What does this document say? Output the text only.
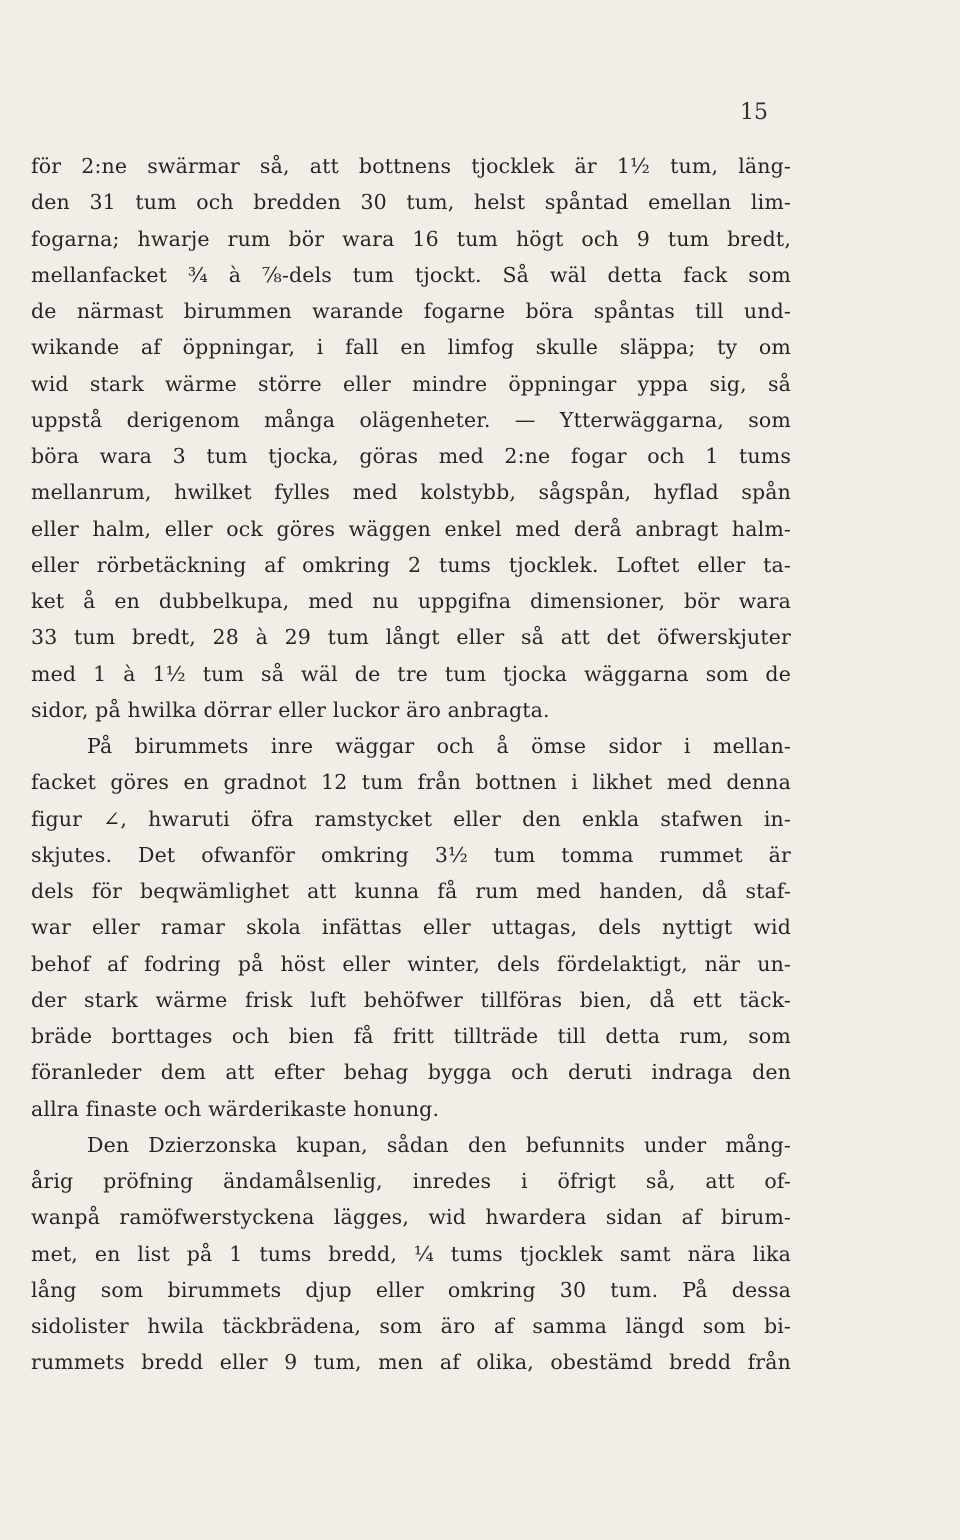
15
för 2:ne swärmar så, att bottnens tjocklek är 1½ tum, läng-
den 31 tum och bredden 30 tum, helst spåntad emellan lim-
fogarna; hwarje rum bör wara 16 tum högt och 9 tum bredt,
mellanfacket ¾ à ⅞-dels tum tjockt. Så wäl detta fack som
de närmast birummen warande fogarne böra spåntas till und-
wikande af öppningar, i fall en limfog skulle släppa; ty om
wid stark wärme större eller mindre öppningar yppa sig, så
uppstå derigenom många olägenheter. — Ytterwäggarna, som
böra wara 3 tum tjocka, göras med 2:ne fogar och 1 tums
mellanrum, hwilket fylles med kolstybb, sågspån, hyflad spån
eller halm, eller ock göres wäggen enkel med derå anbragt halm-
eller rörbetäckning af omkring 2 tums tjocklek. Loftet eller ta-
ket å en dubbelkupa, med nu uppgifna dimensioner, bör wara
33 tum bredt, 28 à 29 tum långt eller så att det öfwerskjuter
med 1 à 1½ tum så wäl de tre tum tjocka wäggarna som de
sidor, på hwilka dörrar eller luckor äro anbragta.
På birummets inre wäggar och å ömse sidor i mellan-
facket göres en gradnot 12 tum från bottnen i likhet med denna
figur ∠, hwaruti öfra ramstycket eller den enkla stafwen in-
skjutes. Det ofwanför omkring 3½ tum tomma rummet är
dels för beqwämlighet att kunna få rum med handen, då staf-
war eller ramar skola infättas eller uttagas, dels nyttigt wid
behof af fodring på höst eller winter, dels fördelaktigt, när un-
der stark wärme frisk luft behöfwer tillföras bien, då ett täck-
bräde borttages och bien få fritt tillträde till detta rum, som
föranleder dem att efter behag bygga och deruti indraga den
allra finaste och wärderikaste honung.
Den Dzierzonska kupan, sådan den befunnits under mång-
årig pröfning ändamålsenlig, inredes i öfrigt så, att of-
wanpå ramöfwerstyckena lägges, wid hwardera sidan af birum-
met, en list på 1 tums bredd, ¼ tums tjocklek samt nära lika
lång som birummets djup eller omkring 30 tum. På dessa
sidolister hwila täckbrädena, som äro af samma längd som bi-
rummets bredd eller 9 tum, men af olika, obestämd bredd från
